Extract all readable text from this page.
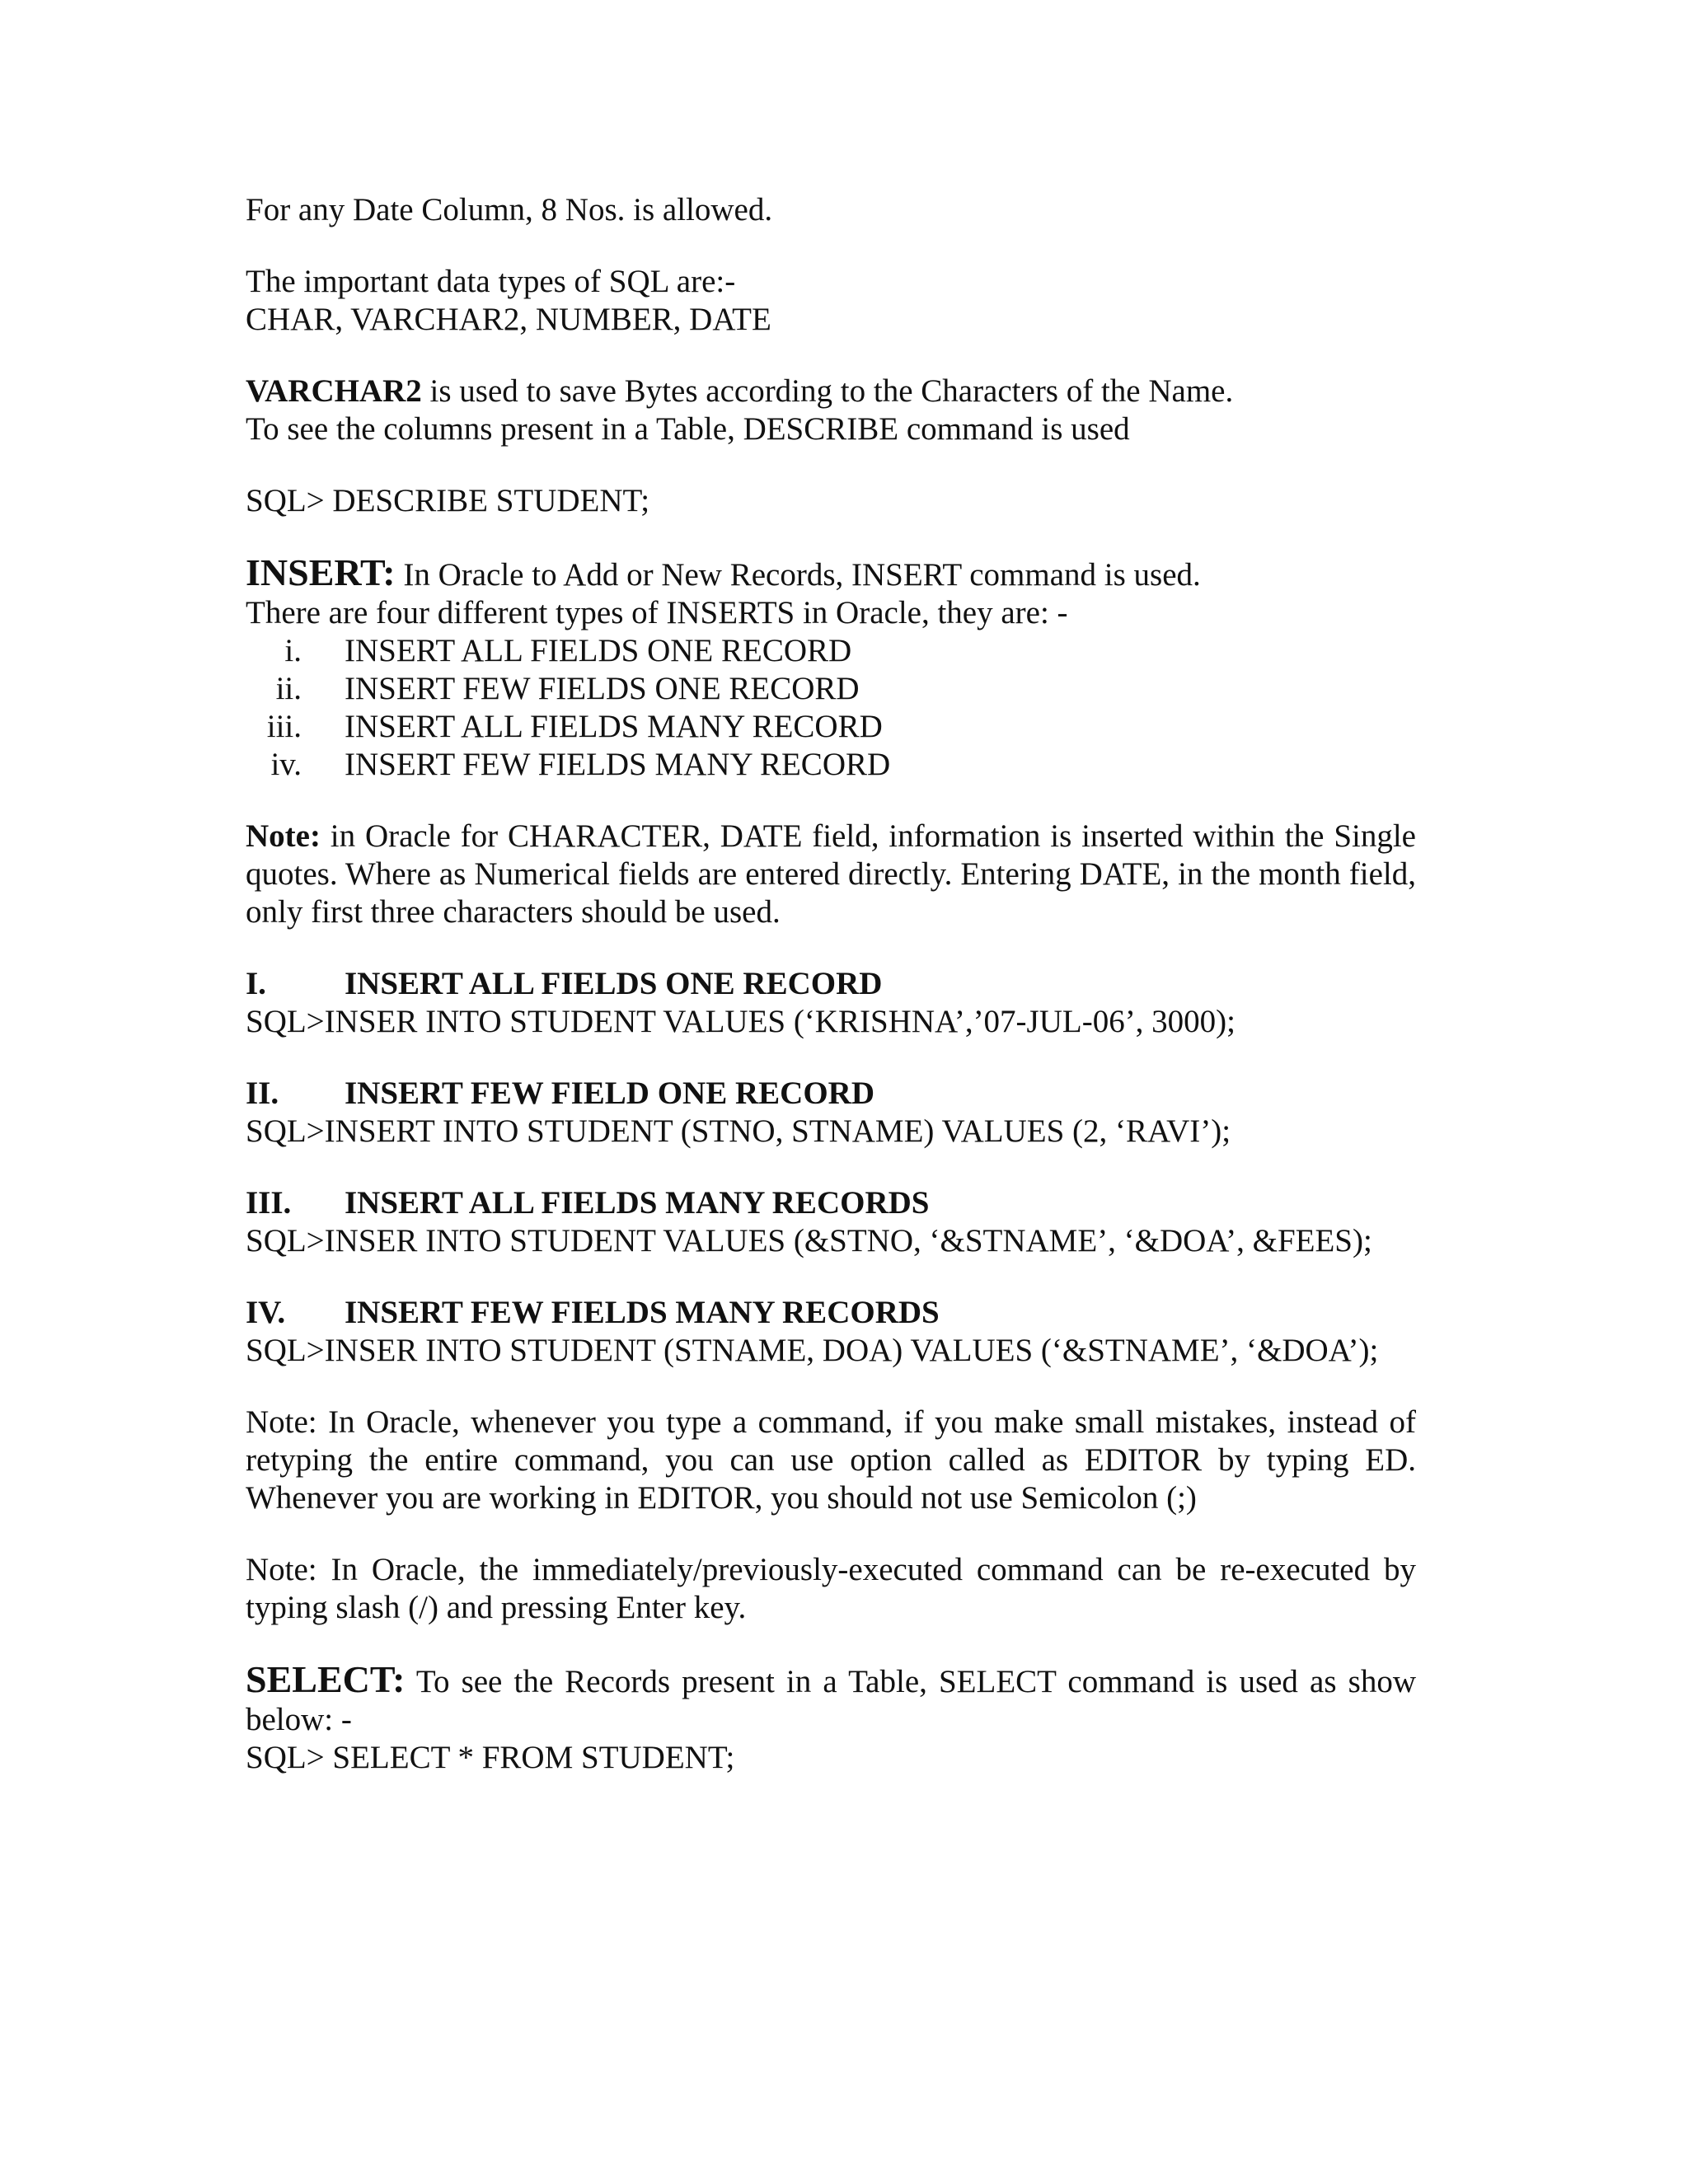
For any Date Column, 8 Nos. is allowed.
The important data types of SQL are:-
CHAR, VARCHAR2, NUMBER, DATE
VARCHAR2 is used to save Bytes according to the Characters of the Name.
To see the columns present in a Table, DESCRIBE command is used
SQL> DESCRIBE STUDENT;
INSERT: In Oracle to Add or New Records, INSERT command is used.
There are four different types of INSERTS in Oracle, they are: -
i.	INSERT ALL FIELDS ONE RECORD
ii.	INSERT FEW FIELDS ONE RECORD
iii.	INSERT ALL FIELDS MANY RECORD
iv.	INSERT FEW FIELDS MANY RECORD
Note: in Oracle for CHARACTER, DATE field, information is inserted within the Single quotes. Where as Numerical fields are entered directly. Entering DATE, in the month field, only first three characters should be used.
I.	INSERT ALL FIELDS ONE RECORD
SQL>INSER INTO STUDENT VALUES (‘KRISHNA’,’07-JUL-06’, 3000);
II.	INSERT FEW FIELD ONE RECORD
SQL>INSERT INTO STUDENT (STNO, STNAME) VALUES (2, ‘RAVI’);
III.	INSERT ALL FIELDS MANY RECORDS
SQL>INSER INTO STUDENT VALUES (&STNO, ‘&STNAME’, ‘&DOA’, &FEES);
IV.	INSERT FEW FIELDS MANY RECORDS
SQL>INSER INTO STUDENT (STNAME, DOA) VALUES (‘&STNAME’, ‘&DOA’);
Note: In Oracle, whenever you type a command, if you make small mistakes, instead of retyping the entire command, you can use option called as EDITOR by typing ED. Whenever you are working in EDITOR, you should not use Semicolon (;)
Note: In Oracle, the immediately/previously-executed command can be re-executed by typing slash (/) and pressing Enter key.
SELECT: To see the Records present in a Table, SELECT command is used as show below: -
SQL> SELECT * FROM STUDENT;
